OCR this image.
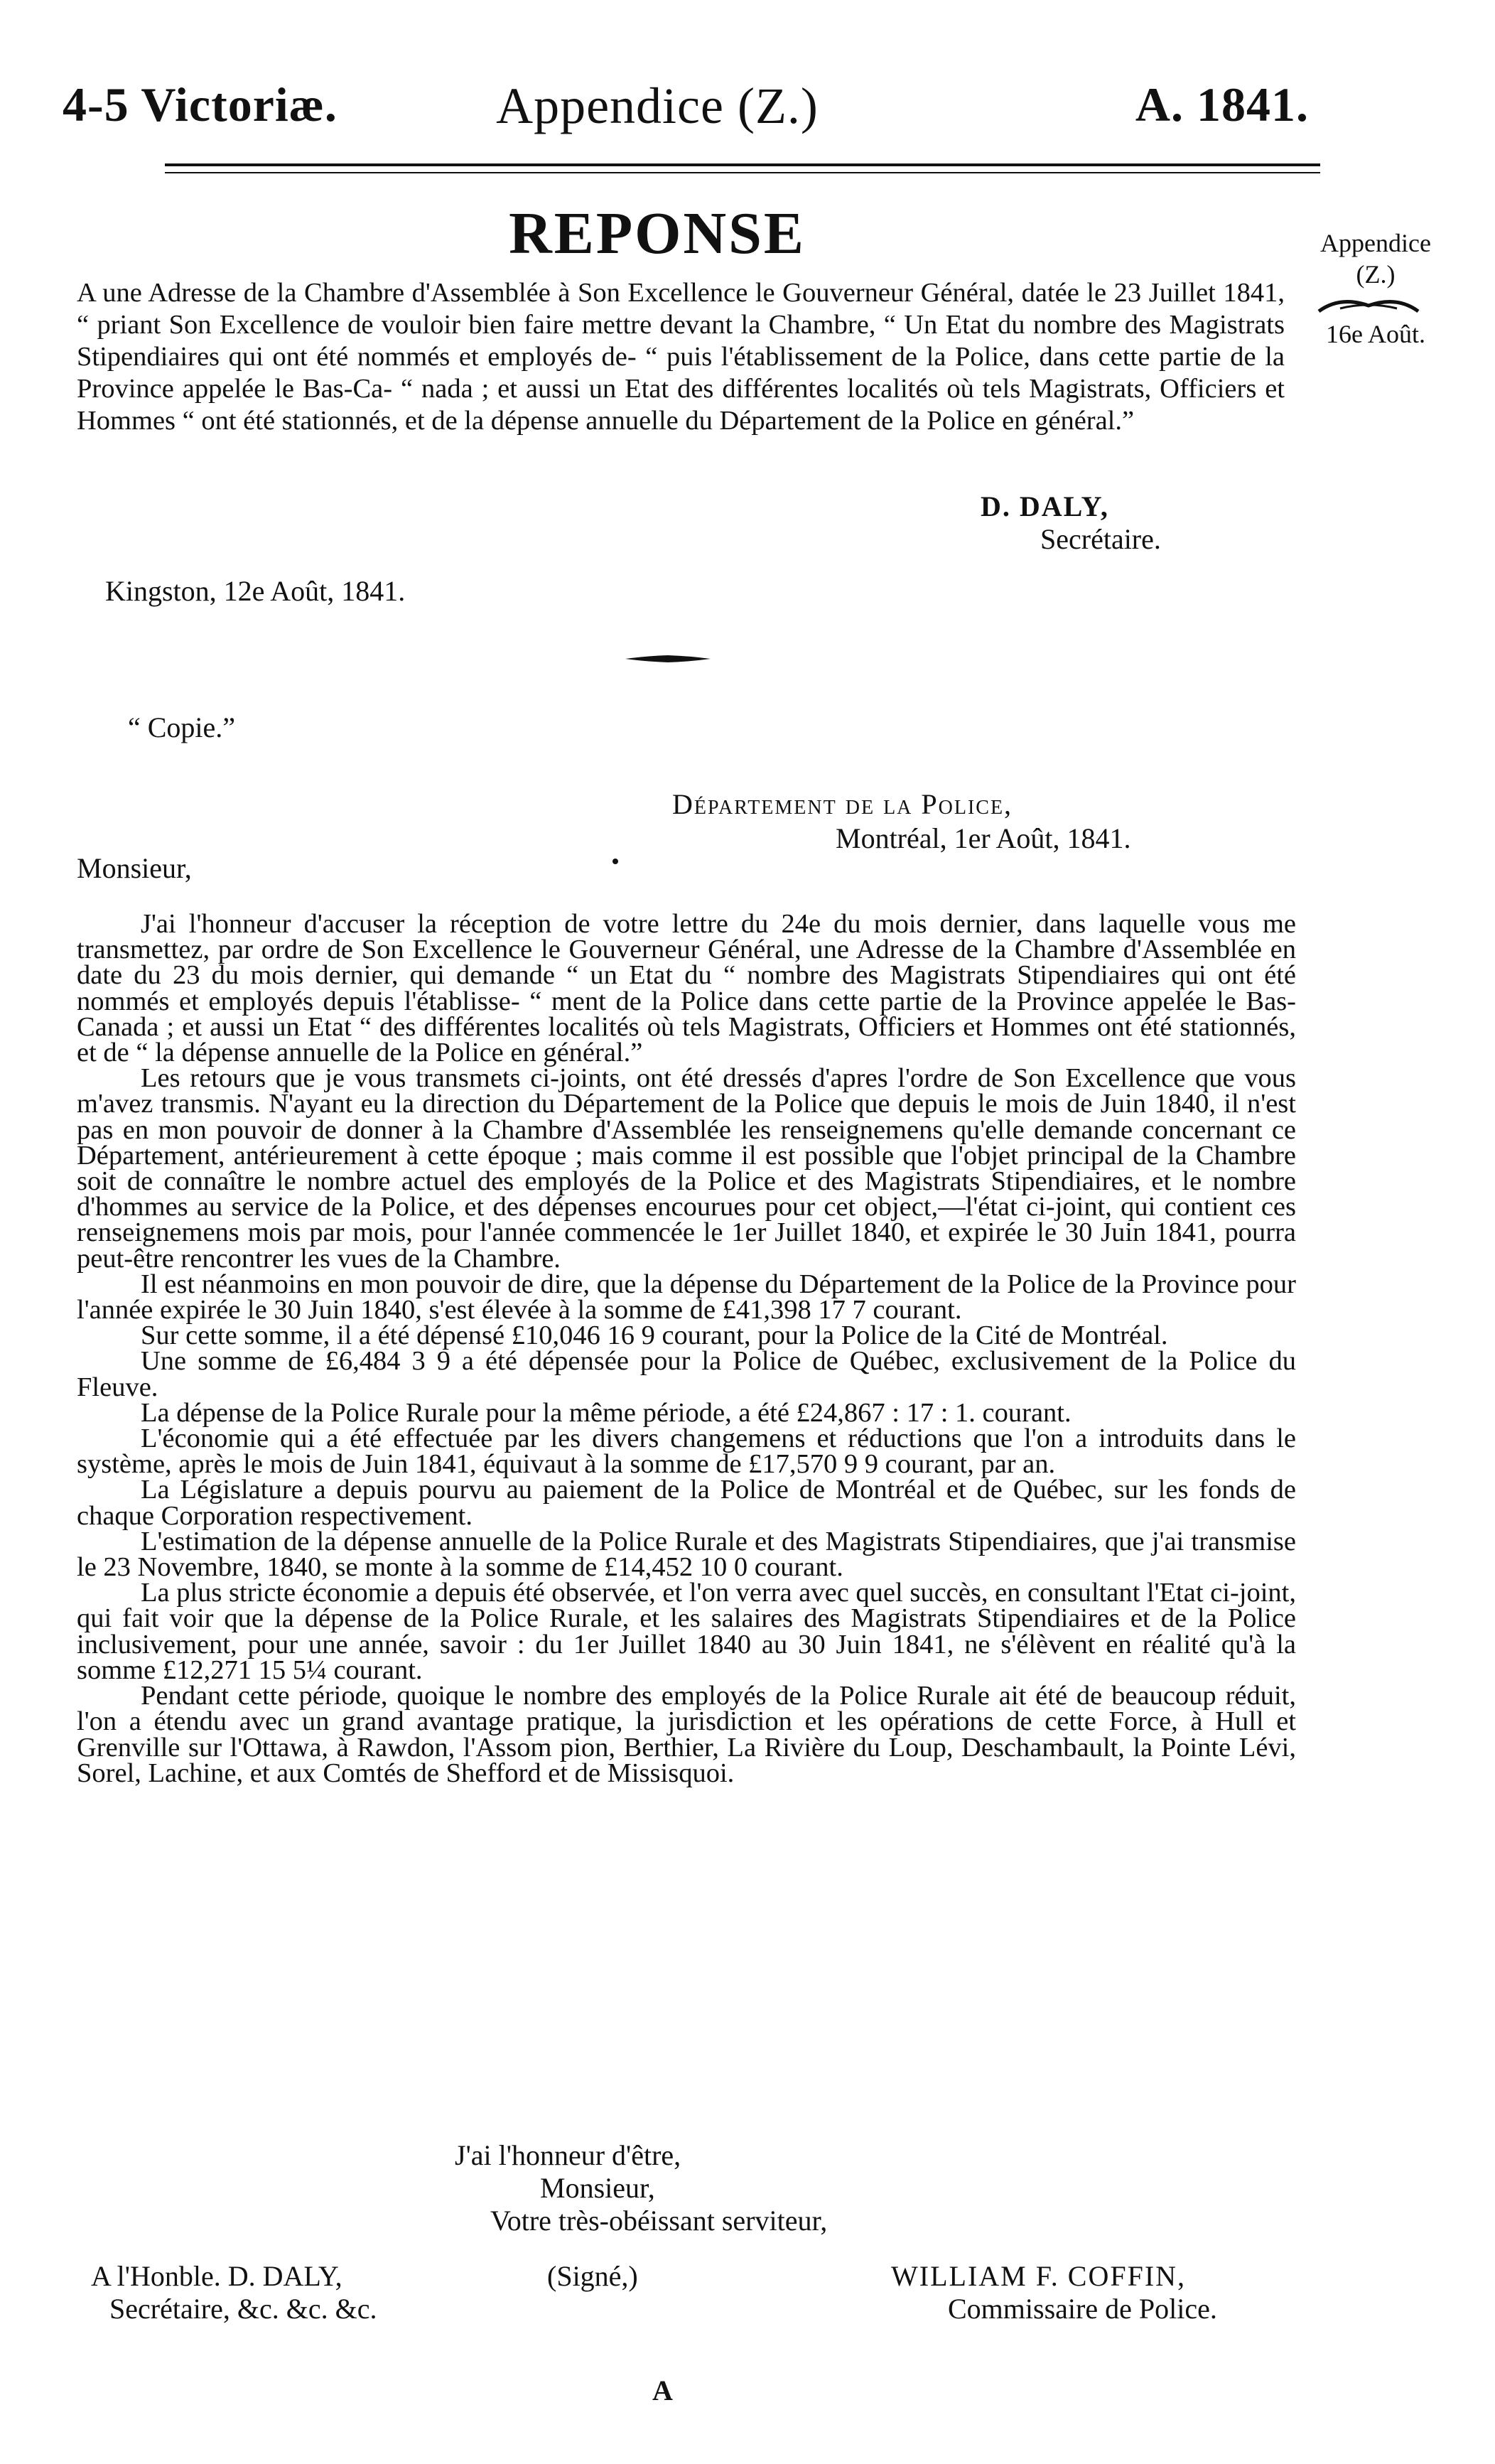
4-5 Victoriæ.	Appendice (Z.)	A. 1841.
REPONSE	Appendice
(Z.)
16e Août.

A une Adresse de la Chambre d'Assemblée à Son Excellence le Gouverneur Général, datée le 23 Juillet 1841, “ priant Son Excellence de vouloir bien faire mettre devant la Chambre, “ Un Etat du nombre des Magistrats Stipendiaires qui ont été nommés et employés de- “ puis l'établissement de la Police, dans cette partie de la Province appelée le Bas-Ca- “ nada ; et aussi un Etat des différentes localités où tels Magistrats, Officiers et Hommes “ ont été stationnés, et de la dépense annuelle du Département de la Police en général.”

D. DALY,
Secrétaire.
Kingston, 12e Août, 1841.
“ Copie.”
Département de la Police,
Montréal, 1er Août, 1841.
Monsieur,

J'ai l'honneur d'accuser la réception de votre lettre du 24e du mois dernier, dans laquelle vous me transmettez, par ordre de Son Excellence le Gouverneur Général, une Adresse de la Chambre d'Assemblée en date du 23 du mois dernier, qui demande “ un Etat du “ nombre des Magistrats Stipendiaires qui ont été nommés et employés depuis l'établisse- “ ment de la Police dans cette partie de la Province appelée le Bas-Canada ; et aussi un Etat “ des différentes localités où tels Magistrats, Officiers et Hommes ont été stationnés, et de “ la dépense annuelle de la Police en général.”

Les retours que je vous transmets ci-joints, ont été dressés d'apres l'ordre de Son Excellence que vous m'avez transmis. N'ayant eu la direction du Département de la Police que depuis le mois de Juin 1840, il n'est pas en mon pouvoir de donner à la Chambre d'Assemblée les renseignemens qu'elle demande concernant ce Département, antérieurement à cette époque ; mais comme il est possible que l'objet principal de la Chambre soit de connaître le nombre actuel des employés de la Police et des Magistrats Stipendiaires, et le nombre d'hommes au service de la Police, et des dépenses encourues pour cet object,—l'état ci-joint, qui contient ces renseignemens mois par mois, pour l'année commencée le 1er Juillet 1840, et expirée le 30 Juin 1841, pourra peut-être rencontrer les vues de la Chambre.

Il est néanmoins en mon pouvoir de dire, que la dépense du Département de la Police de la Province pour l'année expirée le 30 Juin 1840, s'est élevée à la somme de £41,398 17 7 courant.

Sur cette somme, il a été dépensé £10,046 16 9 courant, pour la Police de la Cité de Montréal.

Une somme de £6,484 3 9 a été dépensée pour la Police de Québec, exclusivement de la Police du Fleuve.

La dépense de la Police Rurale pour la même période, a été £24,867 : 17 : 1. courant.

L'économie qui a été effectuée par les divers changemens et réductions que l'on a introduits dans le système, après le mois de Juin 1841, équivaut à la somme de £17,570 9 9 courant, par an.

La Législature a depuis pourvu au paiement de la Police de Montréal et de Québec, sur les fonds de chaque Corporation respectivement.

L'estimation de la dépense annuelle de la Police Rurale et des Magistrats Stipendiaires, que j'ai transmise le 23 Novembre, 1840, se monte à la somme de £14,452 10 0 courant.

La plus stricte économie a depuis été observée, et l'on verra avec quel succès, en consultant l'Etat ci-joint, qui fait voir que la dépense de la Police Rurale, et les salaires des Magistrats Stipendiaires et de la Police inclusivement, pour une année, savoir : du 1er Juillet 1840 au 30 Juin 1841, ne s'élèvent en réalité qu'à la somme £12,271 15 5¼ courant.

Pendant cette période, quoique le nombre des employés de la Police Rurale ait été de beaucoup réduit, l'on a étendu avec un grand avantage pratique, la jurisdiction et les opérations de cette Force, à Hull et Grenville sur l'Ottawa, à Rawdon, l'Assom pion, Berthier, La Rivière du Loup, Deschambault, la Pointe Lévi, Sorel, Lachine, et aux Comtés de Shefford et de Missisquoi.

J'ai l'honneur d'être,
Monsieur,
Votre très-obéissant serviteur,
A l'Honble. D. DALY,
Secrétaire, &c. &c. &c.
(Signé,)	WILLIAM F. COFFIN,
Commissaire de Police.
A
